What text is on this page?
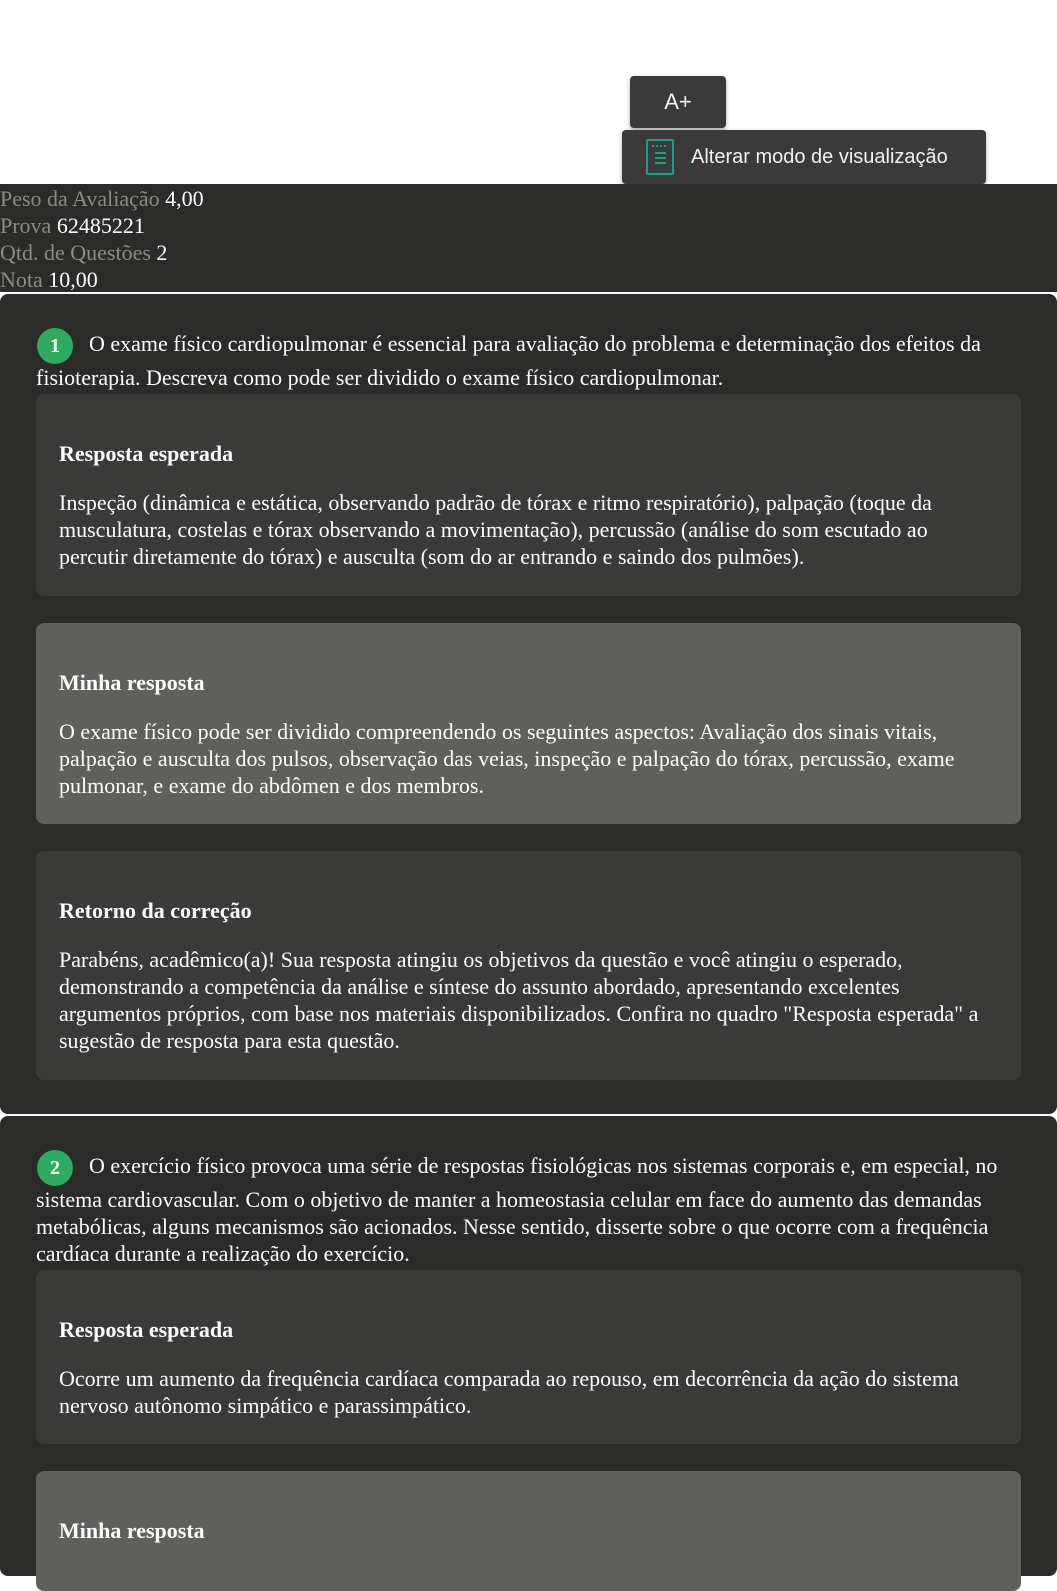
A+
Alterar modo de visualização
Peso da Avaliação 4,00
Prova 62485221
Qtd. de Questões 2
Nota 10,00
1 O exame físico cardiopulmonar é essencial para avaliação do problema e determinação dos efeitos da fisioterapia. Descreva como pode ser dividido o exame físico cardiopulmonar.
Resposta esperada

Inspeção (dinâmica e estática, observando padrão de tórax e ritmo respiratório), palpação (toque da musculatura, costelas e tórax observando a movimentação), percussão (análise do som escutado ao percutir diretamente do tórax) e ausculta (som do ar entrando e saindo dos pulmões).

Minha resposta

O exame físico pode ser dividido compreendendo os seguintes aspectos: Avaliação dos sinais vitais, palpação e ausculta dos pulsos, observação das veias, inspeção e palpação do tórax, percussão, exame pulmonar, e exame do abdômen e dos membros.

Retorno da correção

Parabéns, acadêmico(a)! Sua resposta atingiu os objetivos da questão e você atingiu o esperado, demonstrando a competência da análise e síntese do assunto abordado, apresentando excelentes argumentos próprios, com base nos materiais disponibilizados. Confira no quadro "Resposta esperada" a sugestão de resposta para esta questão.

2 O exercício físico provoca uma série de respostas fisiológicas nos sistemas corporais e, em especial, no sistema cardiovascular. Com o objetivo de manter a homeostasia celular em face do aumento das demandas metabólicas, alguns mecanismos são acionados. Nesse sentido, disserte sobre o que ocorre com a frequência cardíaca durante a realização do exercício.
Resposta esperada

Ocorre um aumento da frequência cardíaca comparada ao repouso, em decorrência da ação do sistema nervoso autônomo simpático e parassimpático.

Minha resposta
